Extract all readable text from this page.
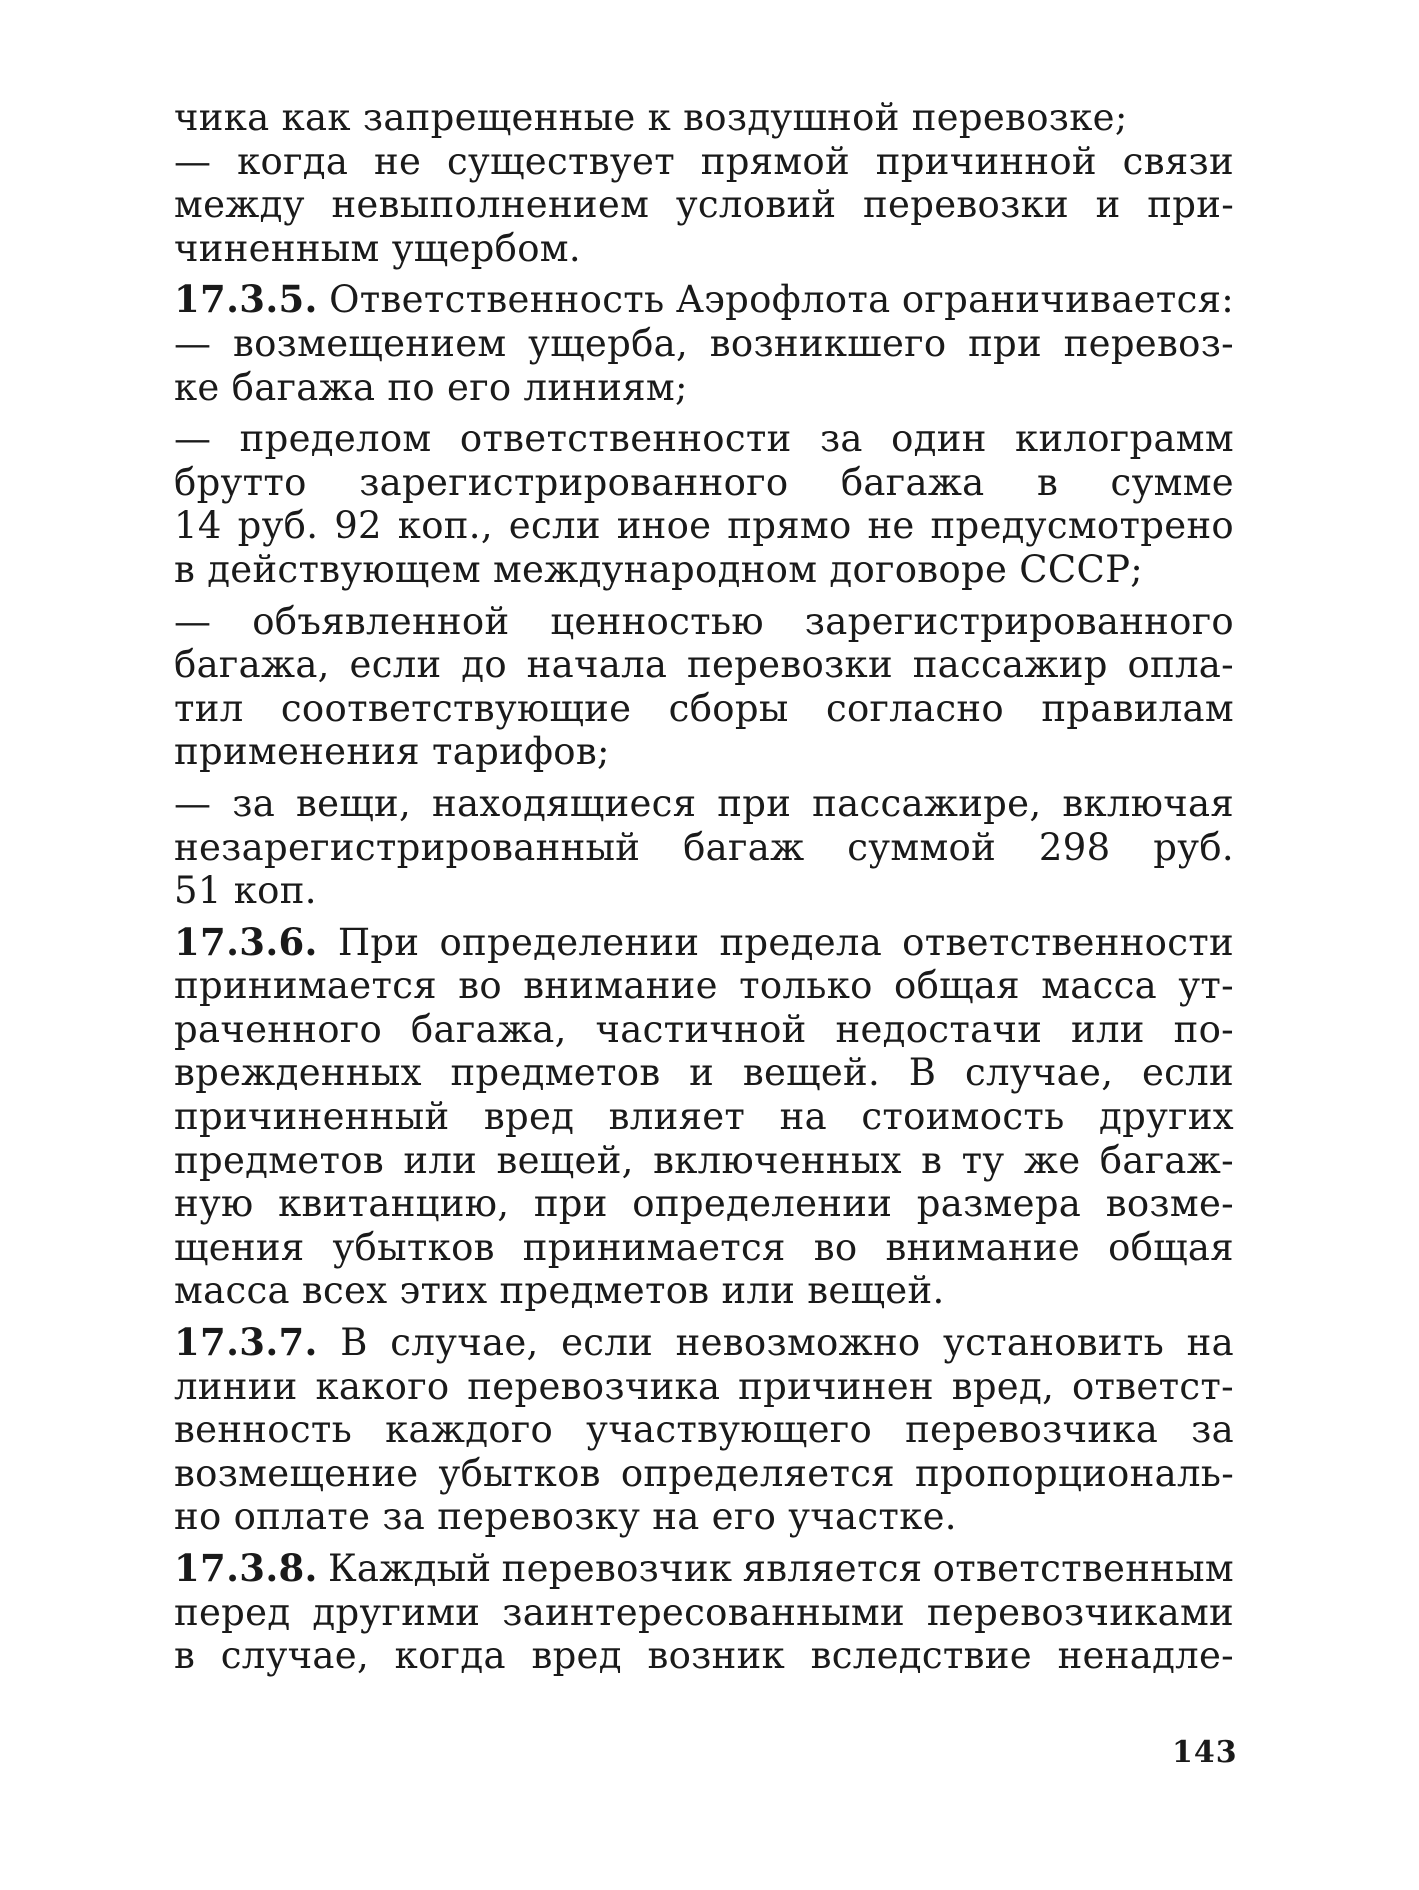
чика как запрещенные к воздушной перевозке;
— когда не существует прямой причинной связи
между невыполнением условий перевозки и при-
чиненным ущербом.
17.3.5. Ответственность Аэрофлота ограничивается:
— возмещением ущерба, возникшего при перевоз-
ке багажа по его линиям;
— пределом ответственности за один килограмм
брутто зарегистрированного багажа в сумме
14 руб. 92 коп., если иное прямо не предусмотрено
в действующем международном договоре СССР;
— объявленной ценностью зарегистрированного
багажа, если до начала перевозки пассажир опла-
тил соответствующие сборы согласно правилам
применения тарифов;
— за вещи, находящиеся при пассажире, включая
незарегистрированный багаж суммой 298 руб.
51 коп.
17.3.6. При определении предела ответственности
принимается во внимание только общая масса ут-
раченного багажа, частичной недостачи или по-
врежденных предметов и вещей. В случае, если
причиненный вред влияет на стоимость других
предметов или вещей, включенных в ту же багаж-
ную квитанцию, при определении размера возме-
щения убытков принимается во внимание общая
масса всех этих предметов или вещей.
17.3.7. В случае, если невозможно установить на
линии какого перевозчика причинен вред, ответст-
венность каждого участвующего перевозчика за
возмещение убытков определяется пропорциональ-
но оплате за перевозку на его участке.
17.3.8. Каждый перевозчик является ответственным
перед другими заинтересованными перевозчиками
в случае, когда вред возник вследствие ненадле-
143
